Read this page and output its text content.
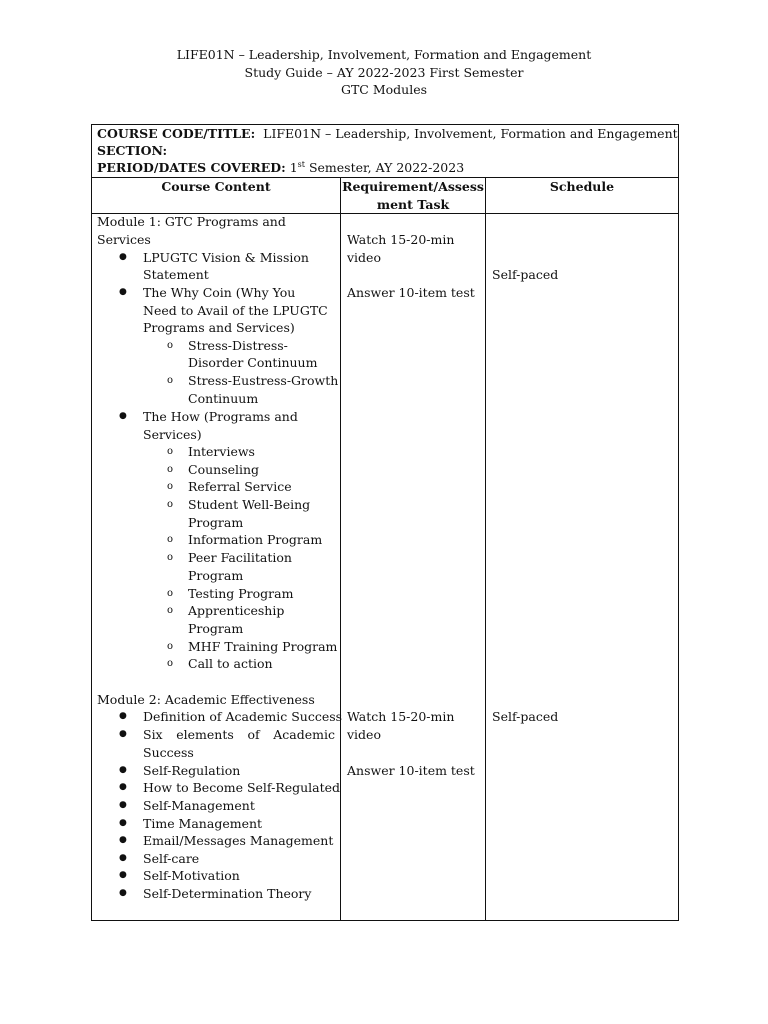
LIFE01N – Leadership, Involvement, Formation and Engagement
Study Guide – AY 2022-2023 First Semester
GTC Modules
COURSE CODE/TITLE: LIFE01N – Leadership, Involvement, Formation and Engagement
SECTION:
PERIOD/DATES COVERED: 1st Semester, AY 2022-2023
Course Content	Requirement/Assess
ment Task
Schedule
Module 1: GTC Programs and
Services
● LPUGTC Vision & Mission
Statement
● The Why Coin (Why You
Need to Avail of the LPUGTC
Programs and Services)
o Stress-Distress-
Disorder Continuum
o Stress-Eustress-Growth
Continuum
● The How (Programs and
Services)
o Interviews
o Counseling
o Referral Service
o Student Well-Being
Program
o Information Program
o Peer Facilitation
Program
o Testing Program
o Apprenticeship
Program
o MHF Training Program
o Call to action
Watch 15-20-min
video
Answer 10-item test
Self-paced
Module 2: Academic Effectiveness
● Definition of Academic Success
● Six elements of Academic
Success
● Self-Regulation
● How to Become Self-Regulated
● Self-Management
● Time Management
● Email/Messages Management
● Self-care
● Self-Motivation
● Self-Determination Theory
Watch 15-20-min
video
Answer 10-item test
Self-paced
